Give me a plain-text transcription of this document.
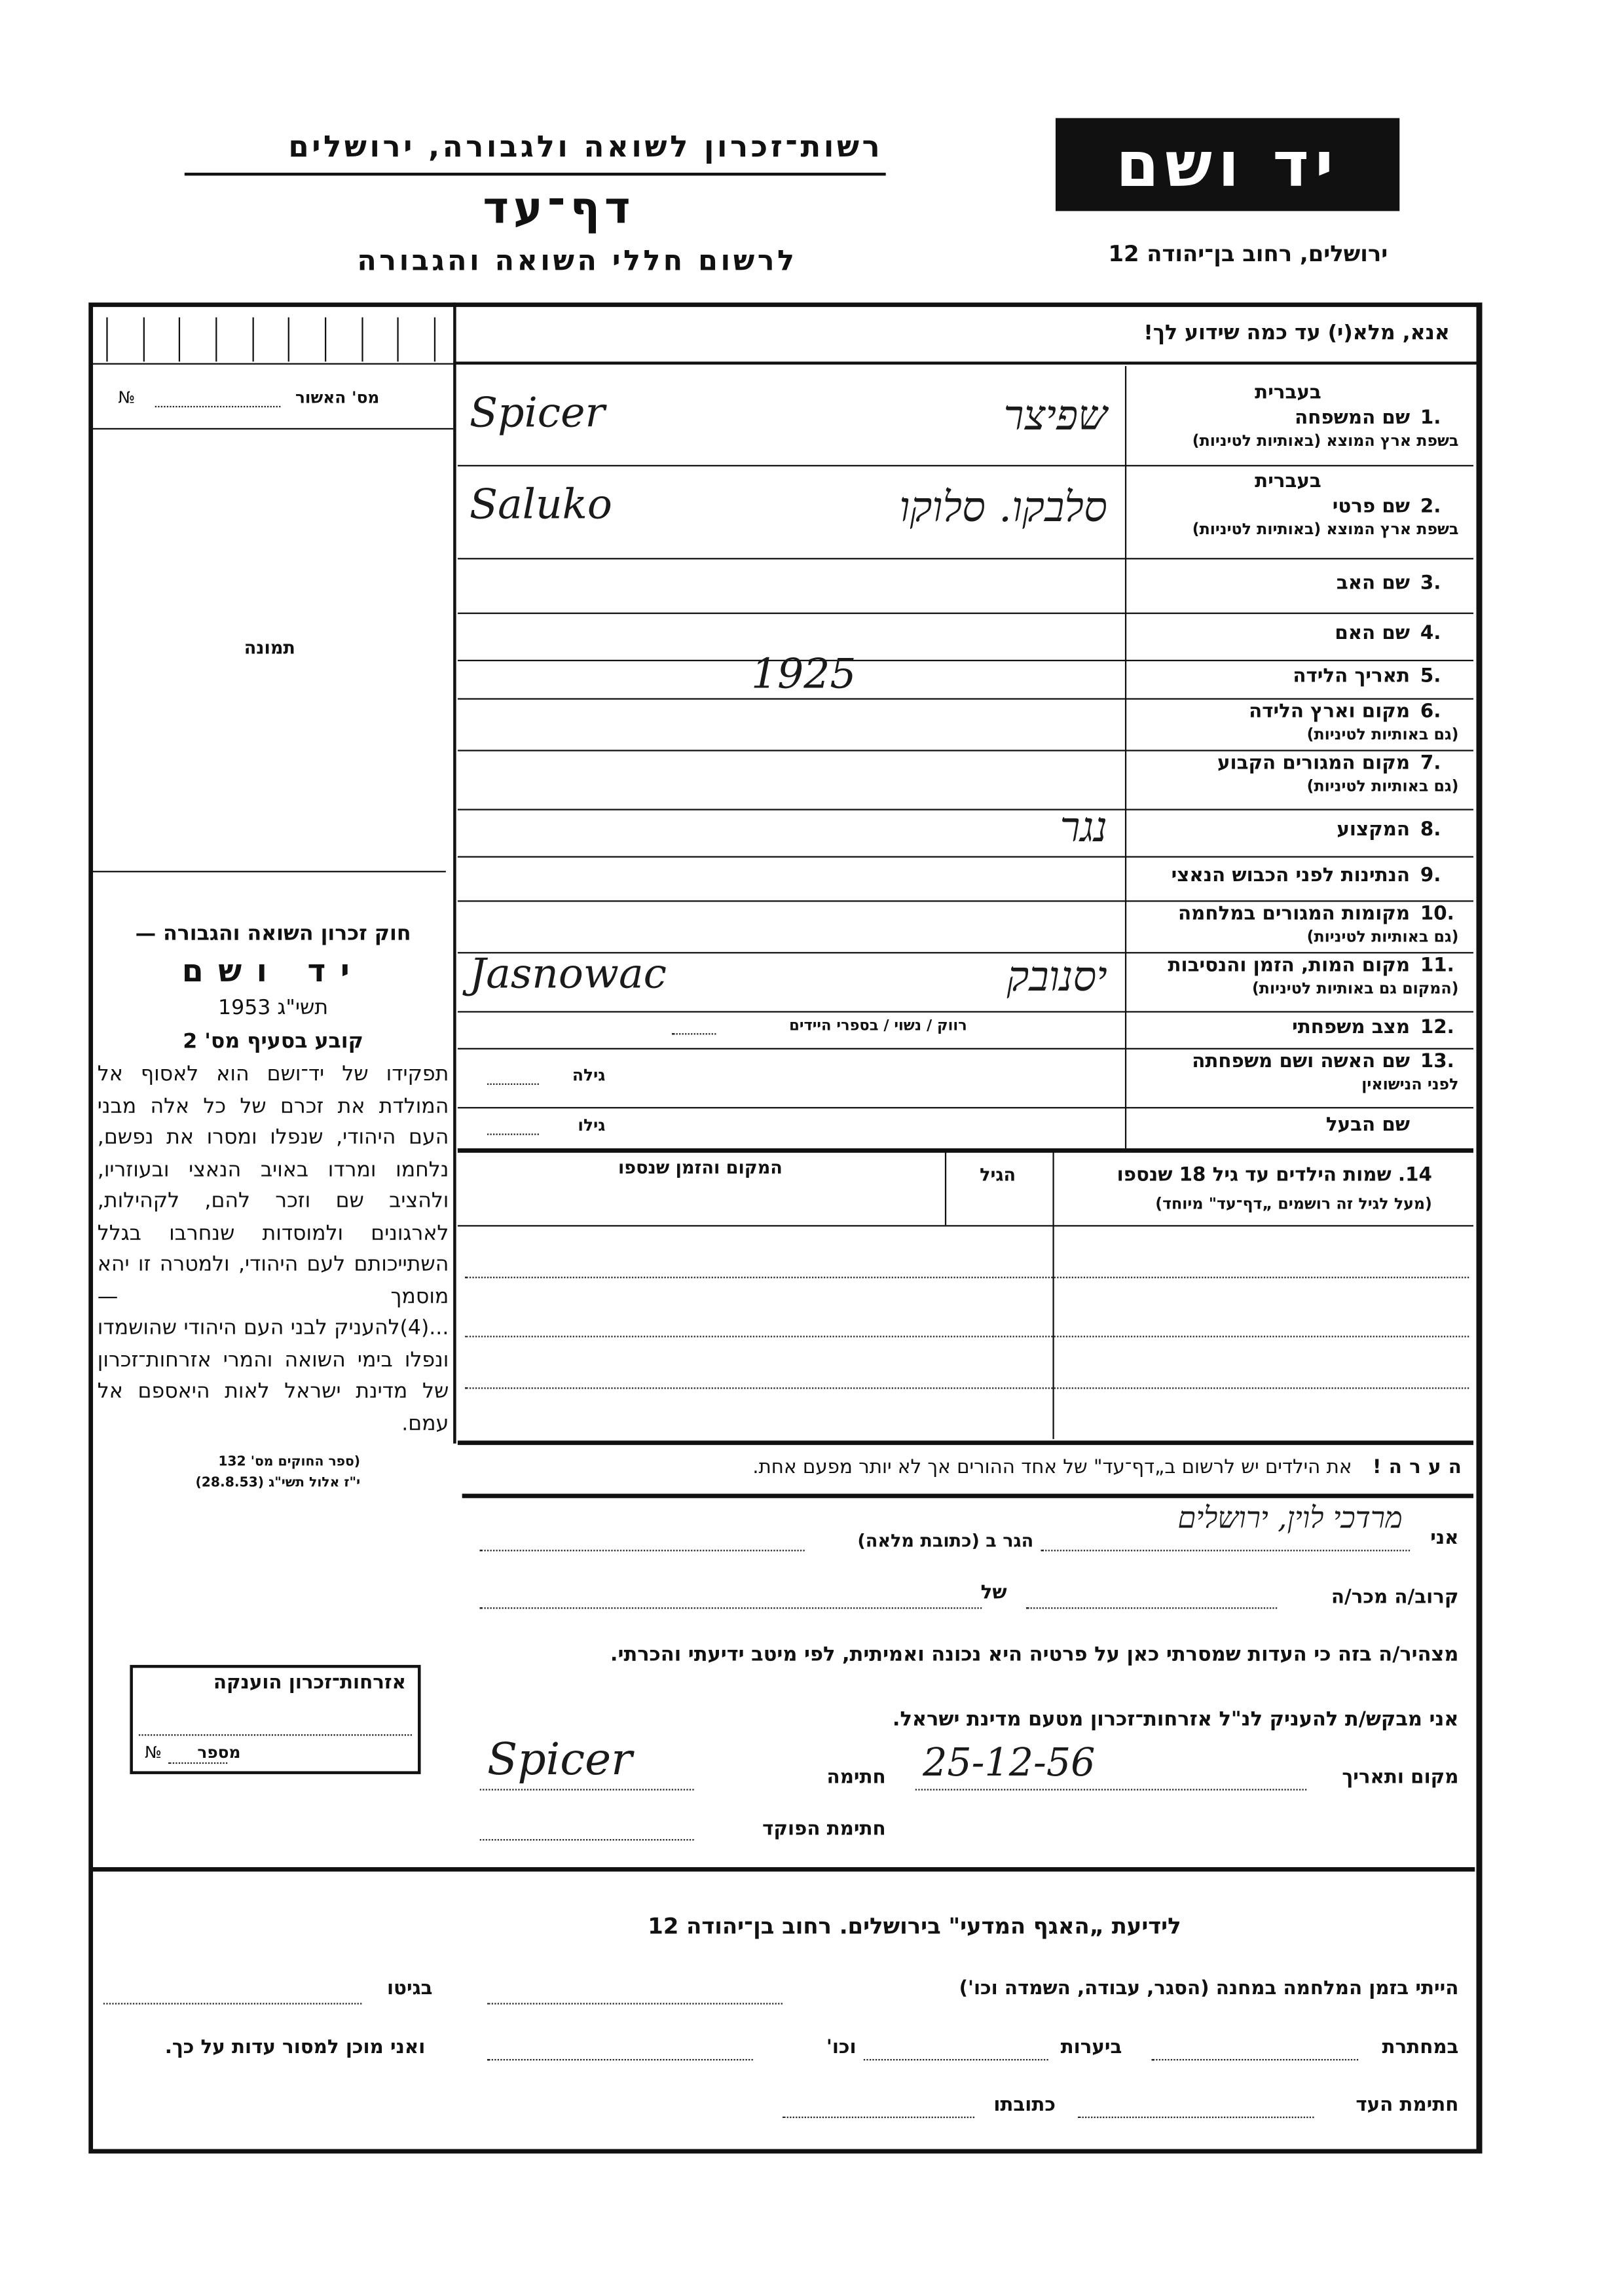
יד ושם
ירושלים, רחוב בן־יהודה 12
רשות־זכרון לשואה ולגבורה, ירושלים
דף־עד
לרשום חללי השואה והגבורה
אנא, מלא(י) עד כמה שידוע לך!
מס' האשור
№
תמונה
חוק זכרון השואה והגבורה —
יד ושם
תשי"ג 1953
קובע בסעיף מס' 2
תפקידו של יד־ושם הוא לאסוף אל המולדת את זכרם של כל אלה מבני העם היהודי, שנפלו ומסרו את נפשם, נלחמו ומרדו באויב הנאצי ובעוזריו, ולהציב שם וזכר להם, לקהילות, לארגונים ולמוסדות שנחרבו בגלל השתייכותם לעם היהודי, ולמטרה זו יהא מוסמך —
...(4)להעניק לבני העם היהודי שהושמדו ונפלו בימי השואה והמרי אזרחות־זכרון של מדינת ישראל לאות היאספם אל עמם.
(ספר החוקים מס' 132
י"ז אלול תשי"ג (28.8.53)
1.
שם המשפחה
בעברית
בשפת ארץ המוצא (באותיות לטיניות)
שפיצר
Spicer
2.
שם פרטי
בעברית
בשפת ארץ המוצא (באותיות לטיניות)
סלבקו. סלוקו
Saluko
3.
שם האב
4.
שם האם
5.
תאריך הלידה
1925
6.
מקום וארץ הלידה
(גם באותיות לטיניות)
7.
מקום המגורים הקבוע
(גם באותיות לטיניות)
8.
המקצוע
נגר
9.
הנתינות לפני הכבוש הנאצי
10.
מקומות המגורים במלחמה
(גם באותיות לטיניות)
11.
מקום המות, הזמן והנסיבות
(המקום גם באותיות לטיניות)
יסנובק
Jasnowac
12.
מצב משפחתי
רווק / נשוי / בספרי היידים
13.
שם האשה ושם משפחתה
לפני הנישואין
גילה
שם הבעל
גילו
14. שמות הילדים עד גיל 18 שנספו
(מעל לגיל זה רושמים „דף־עד" מיוחד)
הגיל
המקום והזמן שנספו
הערה!את הילדים יש לרשום ב„דף־עד" של אחד ההורים אך לא יותר מפעם אחת.
אני
מרדכי לוין, ירושלים
הגר ב (כתובת מלאה)
קרוב/ה מכר/ה
של
מצהיר/ה בזה כי העדות שמסרתי כאן על פרטיה היא נכונה ואמיתית, לפי מיטב ידיעתי והכרתי.
אני מבקש/ת להעניק לנ"ל אזרחות־זכרון מטעם מדינת ישראל.
מקום ותאריך
25-12-56
חתימה
Spicer
חתימת הפוקד
אזרחות־זכרון הוענקה
מספר
№
לידיעת „האגף המדעי" בירושלים. רחוב בן־יהודה 12
הייתי בזמן המלחמה במחנה (הסגר, עבודה, השמדה וכו')
בגיטו
במחתרת
ביערות
וכו'
ואני מוכן למסור עדות על כך.
חתימת העד
כתובתו
